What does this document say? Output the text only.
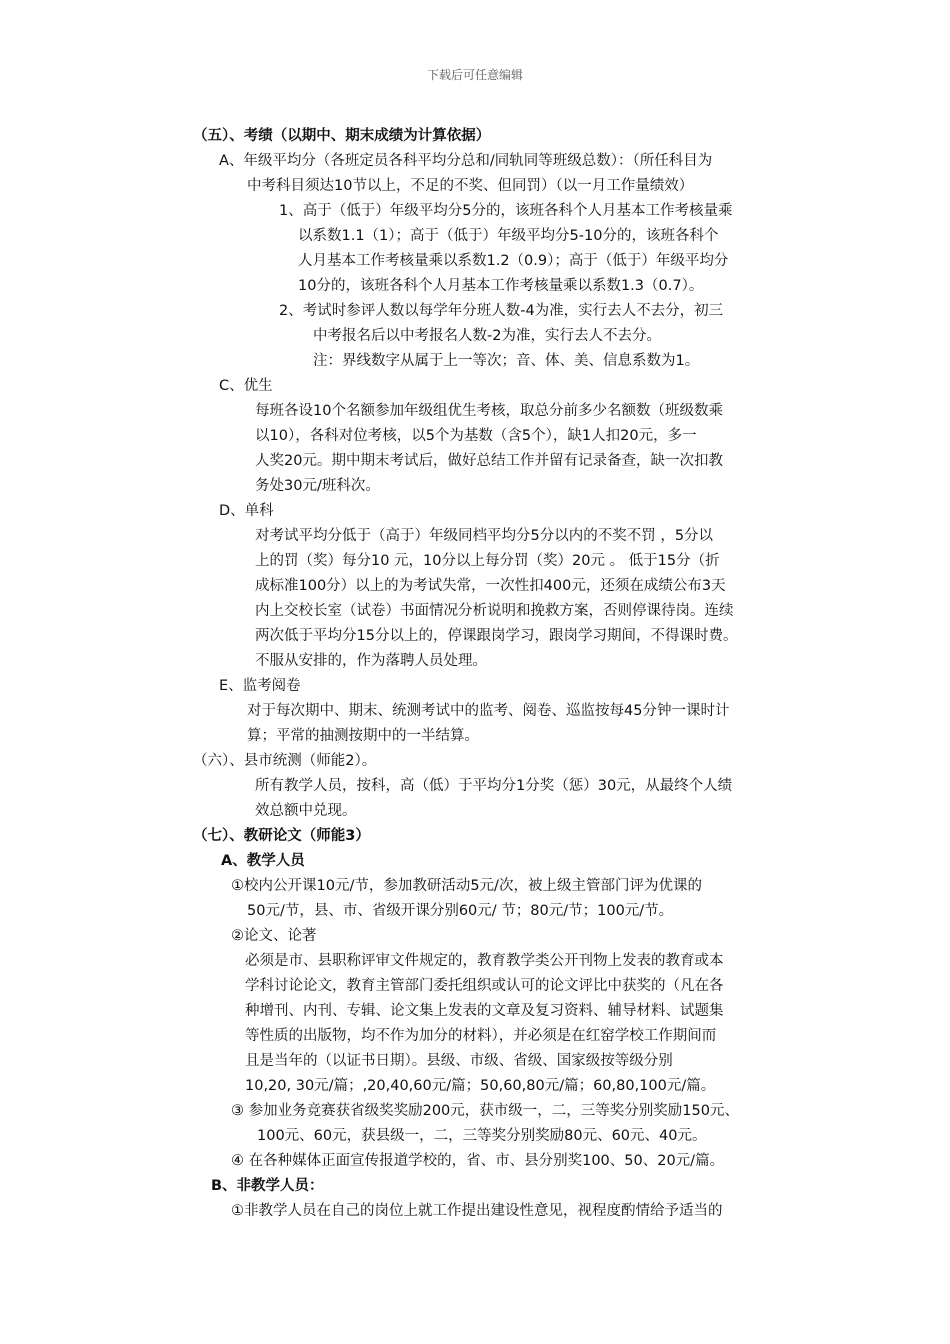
下载后可任意编辑
（五）、考绩（以期中、期末成绩为计算依据）
A、年级平均分（各班定员各科平均分总和/同轨同等班级总数）：（所任科目为
中考科目须达10节以上，不足的不奖、但同罚）（以一月工作量绩效）
1、高于（低于）年级平均分5分的，该班各科个人月基本工作考核量乘
以系数1.1（1）；高于（低于）年级平均分5-10分的，该班各科个
人月基本工作考核量乘以系数1.2（0.9）；高于（低于）年级平均分
10分的，该班各科个人月基本工作考核量乘以系数1.3（0.7）。
2、考试时参评人数以每学年分班人数-4为准，实行去人不去分，初三
中考报名后以中考报名人数-2为准，实行去人不去分。
注：界线数字从属于上一等次；音、体、美、信息系数为1。
C、优生
每班各设10个名额参加年级组优生考核，取总分前多少名额数（班级数乘
以10），各科对位考核，以5个为基数（含5个），缺1人扣20元，多一
人奖20元。期中期末考试后，做好总结工作并留有记录备查，缺一次扣教
务处30元/班科次。
D、单科
对考试平均分低于（高于）年级同档平均分5分以内的不奖不罚 ，5分以
上的罚（奖）每分10 元，10分以上每分罚（奖）20元 。 低于15分（折
成标准100分）以上的为考试失常，一次性扣400元，还须在成绩公布3天
内上交校长室（试卷）书面情况分析说明和挽救方案，否则停课待岗。连续
两次低于平均分15分以上的，停课跟岗学习，跟岗学习期间，不得课时费。
不服从安排的，作为落聘人员处理。
E、监考阅卷
对于每次期中、期末、统测考试中的监考、阅卷、巡监按每45分钟一课时计
算；平常的抽测按期中的一半结算。
（六）、县市统测（师能2）。
所有教学人员，按科，高（低）于平均分1分奖（惩）30元，从最终个人绩
效总额中兑现。
（七）、教研论文（师能3）
A、教学人员
①校内公开课10元/节，参加教研活动5元/次，被上级主管部门评为优课的
50元/节，县、市、省级开课分别60元/ 节；80元/节；100元/节。
②论文、论著
必须是市、县职称评审文件规定的，教育教学类公开刊物上发表的教育或本
学科讨论论文，教育主管部门委托组织或认可的论文评比中获奖的（凡在各
种增刊、内刊、专辑、论文集上发表的文章及复习资料、辅导材料、试题集
等性质的出版物，均不作为加分的材料），并必须是在红窑学校工作期间而
且是当年的（以证书日期）。县级、市级、省级、国家级按等级分别
10,20, 30元/篇；,20,40,60元/篇；50,60,80元/篇；60,80,100元/篇。
③ 参加业务竞赛获省级奖奖励200元，获市级一，二，三等奖分别奖励150元、
100元、60元，获县级一，二，三等奖分别奖励80元、60元、40元。
④ 在各种媒体正面宣传报道学校的，省、市、县分别奖100、50、20元/篇。
B、非教学人员：
①非教学人员在自己的岗位上就工作提出建设性意见，视程度酌情给予适当的
